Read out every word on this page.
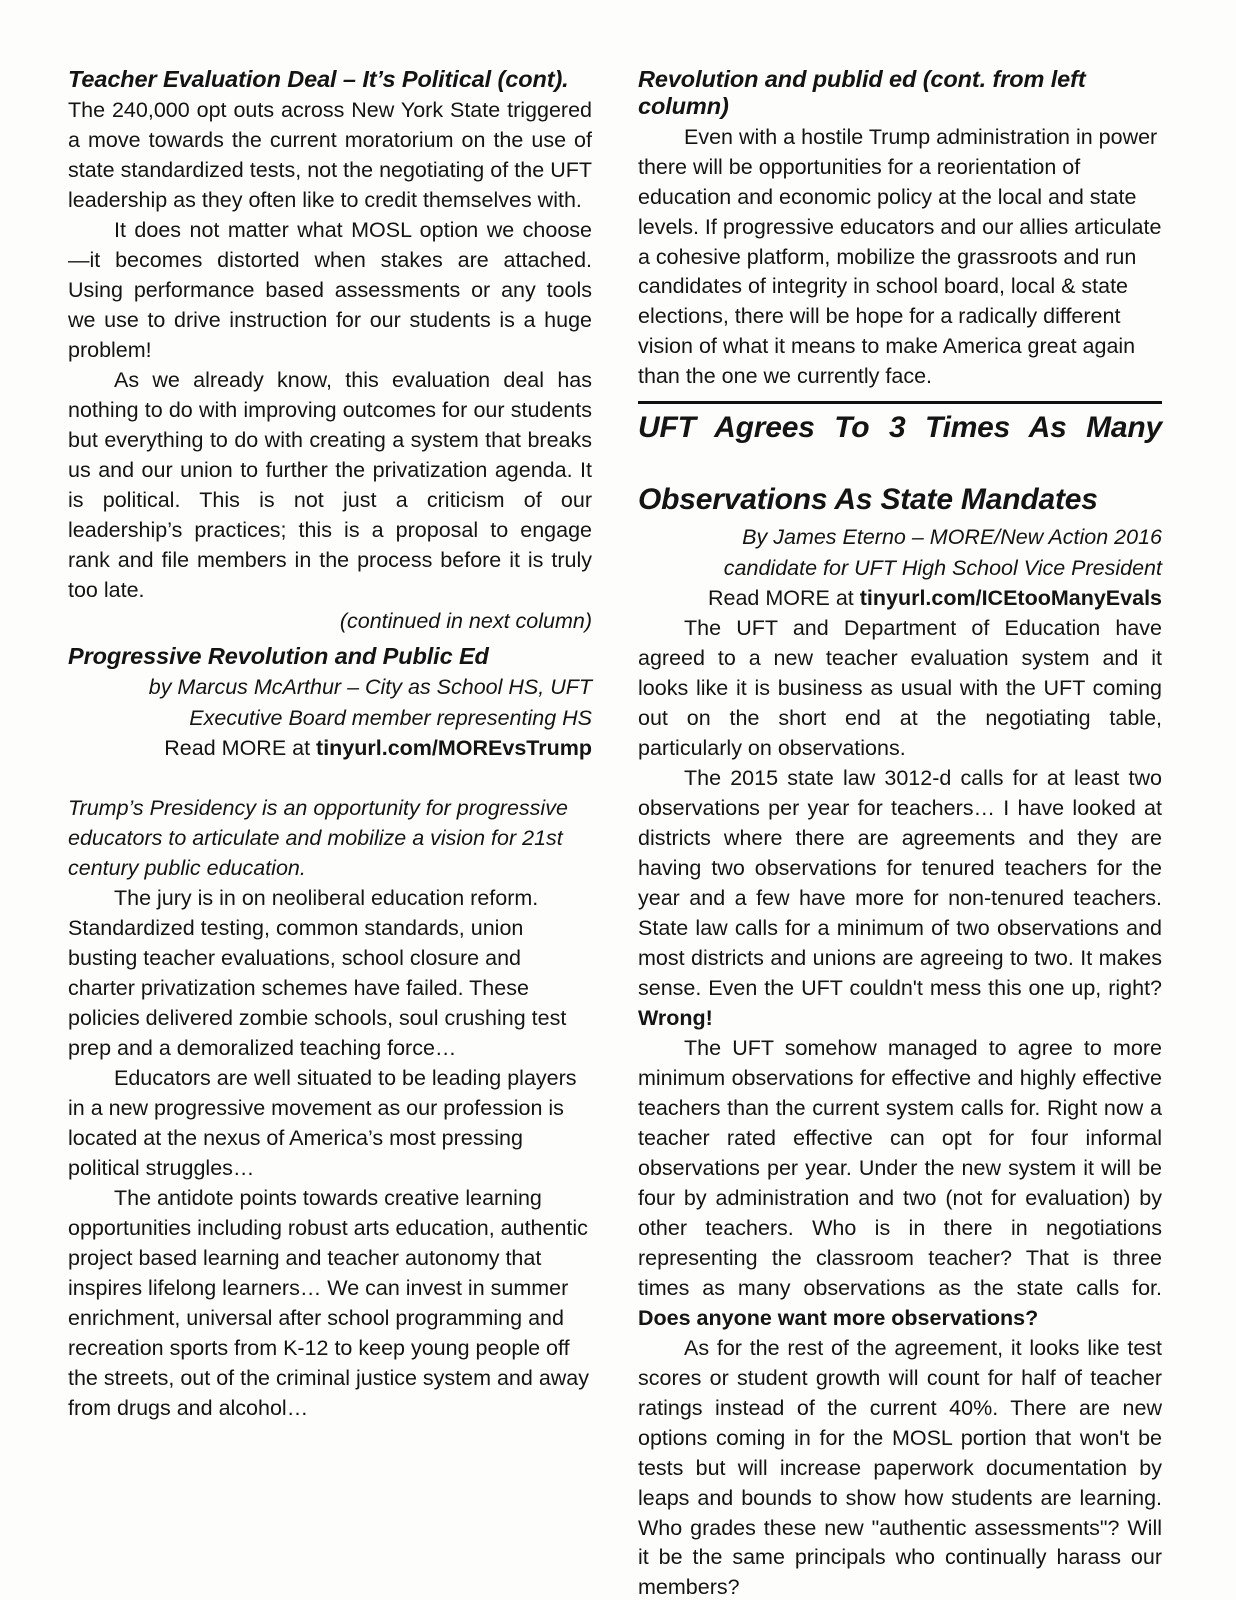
Teacher Evaluation Deal – It’s Political (cont).

The 240,000 opt outs across New York State triggered a move towards the current moratorium on the use of state standardized tests, not the negotiating of the UFT leadership as they often like to credit themselves with.

It does not matter what MOSL option we choose—it becomes distorted when stakes are attached. Using performance based assessments or any tools we use to drive instruction for our students is a huge problem!

As we already know, this evaluation deal has nothing to do with improving outcomes for our students but everything to do with creating a system that breaks us and our union to further the privatization agenda. It is political. This is not just a criticism of our leadership’s practices; this is a proposal to engage rank and file members in the process before it is truly too late.

(continued in next column)

Progressive Revolution and Public Ed

by Marcus McArthur – City as School HS, UFT

Executive Board member representing HS

Read MORE at tinyurl.com/MOREvsTrump

Trump’s Presidency is an opportunity for progressive educators to articulate and mobilize a vision for 21st century public education.

The jury is in on neoliberal education reform. Standardized testing, common standards, union busting teacher evaluations, school closure and charter privatization schemes have failed. These policies delivered zombie schools, soul crushing test prep and a demoralized teaching force…

Educators are well situated to be leading players in a new progressive movement as our profession is located at the nexus of America’s most pressing political struggles…

The antidote points towards creative learning opportunities including robust arts education, authentic project based learning and teacher autonomy that inspires lifelong learners… We can invest in summer enrichment, universal after school programming and recreation sports from K-12 to keep young people off the streets, out of the criminal justice system and away from drugs and alcohol…

Revolution and publid ed (cont. from left column)

Even with a hostile Trump administration in power there will be opportunities for a reorientation of education and economic policy at the local and state levels. If progressive educators and our allies articulate a cohesive platform, mobilize the grassroots and run candidates of integrity in school board, local & state elections, there will be hope for a radically different vision of what it means to make America great again than the one we currently face.

UFT Agrees To 3 Times As Many
Observations As State Mandates

By James Eterno – MORE/New Action 2016

candidate for UFT High School Vice President

Read MORE at tinyurl.com/ICEtooManyEvals

The UFT and Department of Education have agreed to a new teacher evaluation system and it looks like it is business as usual with the UFT coming out on the short end at the negotiating table, particularly on observations.

The 2015 state law 3012-d calls for at least two observations per year for teachers… I have looked at districts where there are agreements and they are having two observations for tenured teachers for the year and a few have more for non-tenured teachers. State law calls for a minimum of two observations and most districts and unions are agreeing to two. It makes sense. Even the UFT couldn't mess this one up, right? Wrong!

The UFT somehow managed to agree to more minimum observations for effective and highly effective teachers than the current system calls for. Right now a teacher rated effective can opt for four informal observations per year. Under the new system it will be four by administration and two (not for evaluation) by other teachers. Who is in there in negotiations representing the classroom teacher? That is three times as many observations as the state calls for. Does anyone want more observations?

As for the rest of the agreement, it looks like test scores or student growth will count for half of teacher ratings instead of the current 40%. There are new options coming in for the MOSL portion that won't be tests but will increase paperwork documentation by leaps and bounds to show how students are learning. Who grades these new "authentic assessments"? Will it be the same principals who continually harass our members?
